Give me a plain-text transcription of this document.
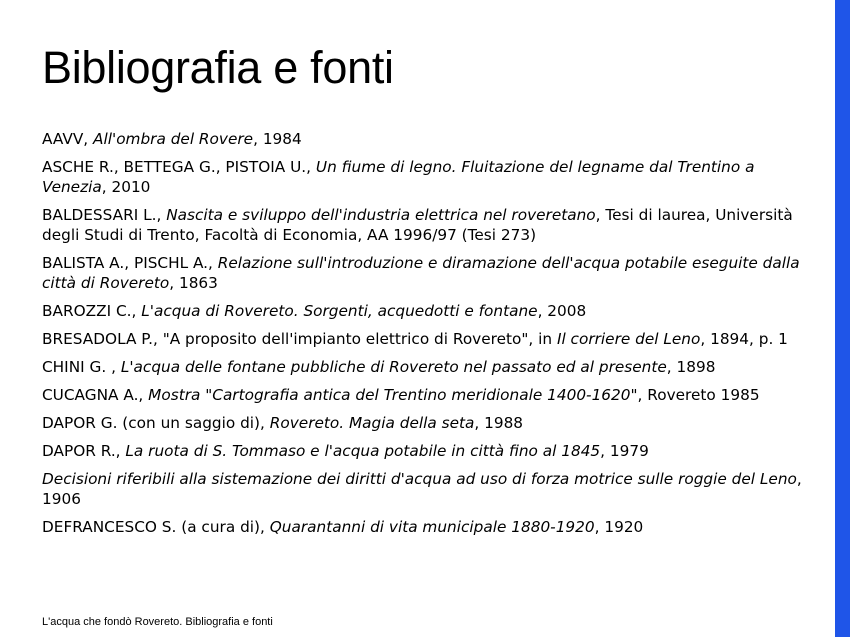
Bibliografia e fonti
AAVV, All'ombra del Rovere, 1984
ASCHE R., BETTEGA G., PISTOIA U., Un fiume di legno. Fluitazione del legname dal Trentino a Venezia, 2010
BALDESSARI L., Nascita e sviluppo dell'industria elettrica nel roveretano, Tesi di laurea, Università degli Studi di Trento, Facoltà di Economia, AA 1996/97 (Tesi 273)
BALISTA A., PISCHL A., Relazione sull'introduzione e diramazione dell'acqua potabile eseguite dalla città di Rovereto, 1863
BAROZZI C., L'acqua di Rovereto. Sorgenti, acquedotti e fontane, 2008
BRESADOLA P., "A proposito dell'impianto elettrico di Rovereto", in Il corriere del Leno, 1894, p. 1
CHINI G. , L'acqua delle fontane pubbliche di Rovereto nel passato ed al presente, 1898
CUCAGNA A., Mostra "Cartografia antica del Trentino meridionale 1400-1620", Rovereto 1985
DAPOR G. (con un saggio di), Rovereto. Magia della seta, 1988
DAPOR R., La ruota di S. Tommaso e l'acqua potabile in città fino al 1845, 1979
Decisioni riferibili alla sistemazione dei diritti d'acqua ad uso di forza motrice sulle roggie del Leno, 1906
DEFRANCESCO S. (a cura di), Quarantanni di vita municipale 1880-1920, 1920
L'acqua che fondò Rovereto. Bibliografia e fonti
